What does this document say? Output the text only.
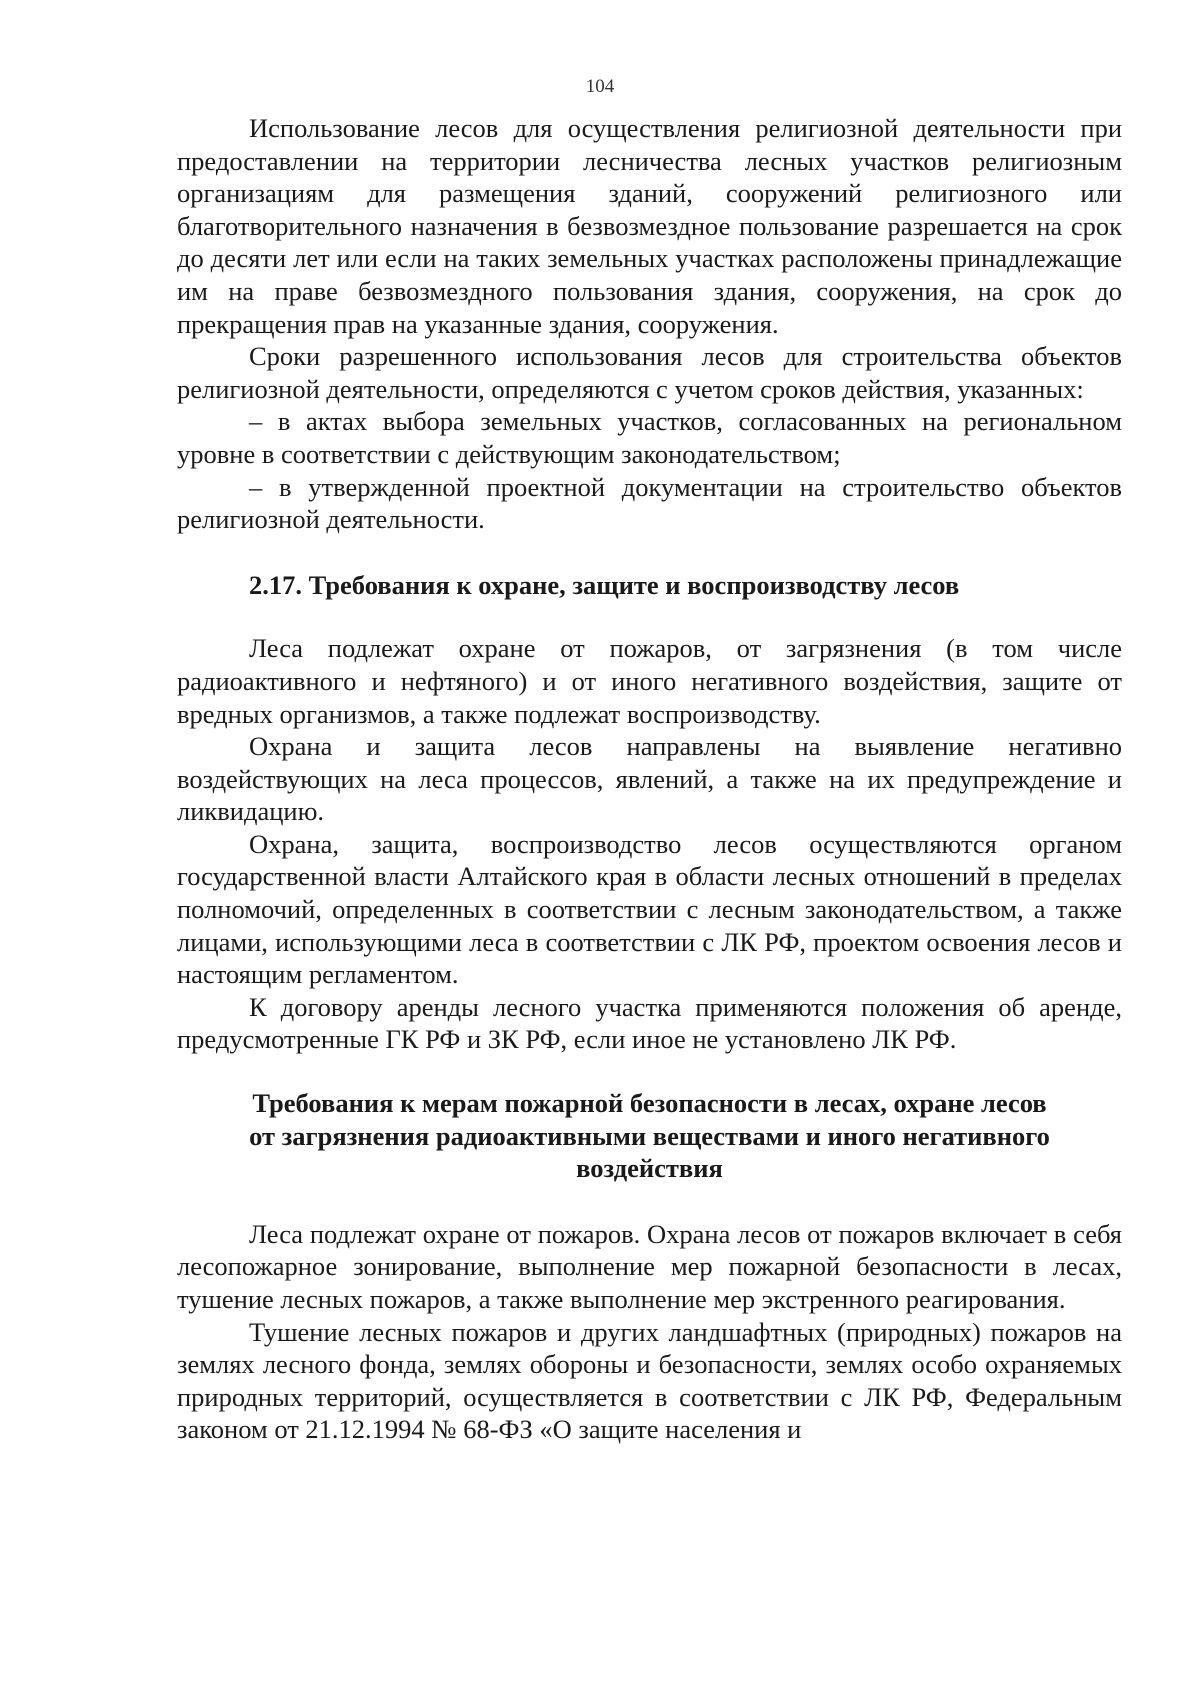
104

Использование лесов для осуществления религиозной деятельности при предоставлении на территории лесничества лесных участков религиозным организациям для размещения зданий, сооружений религиозного или благотворительного назначения в безвозмездное пользование разрешается на срок до десяти лет или если на таких земельных участках расположены принадлежащие им на праве безвозмездного пользования здания, сооружения, на срок до прекращения прав на указанные здания, сооружения.

Сроки разрешенного использования лесов для строительства объектов религиозной деятельности, определяются с учетом сроков действия, указанных:

– в актах выбора земельных участков, согласованных на региональном уровне в соответствии с действующим законодательством;

– в утвержденной проектной документации на строительство объектов религиозной деятельности.

2.17. Требования к охране, защите и воспроизводству лесов

Леса подлежат охране от пожаров, от загрязнения (в том числе радиоактивного и нефтяного) и от иного негативного воздействия, защите от вредных организмов, а также подлежат воспроизводству.

Охрана и защита лесов направлены на выявление негативно воздействующих на леса процессов, явлений, а также на их предупреждение и ликвидацию.

Охрана, защита, воспроизводство лесов осуществляются органом государственной власти Алтайского края в области лесных отношений в пределах полномочий, определенных в соответствии с лесным законодательством, а также лицами, использующими леса в соответствии с ЛК РФ, проектом освоения лесов и настоящим регламентом.

К договору аренды лесного участка применяются положения об аренде, предусмотренные ГК РФ и ЗК РФ, если иное не установлено ЛК РФ.

Требования к мерам пожарной безопасности в лесах, охране лесов
от загрязнения радиоактивными веществами и иного негативного
воздействия

Леса подлежат охране от пожаров. Охрана лесов от пожаров включает в себя лесопожарное зонирование, выполнение мер пожарной безопасности в лесах, тушение лесных пожаров, а также выполнение мер экстренного реагирования.

Тушение лесных пожаров и других ландшафтных (природных) пожаров на землях лесного фонда, землях обороны и безопасности, землях особо охраняемых природных территорий, осуществляется в соответствии с ЛК РФ, Федеральным законом от 21.12.1994 № 68-ФЗ «О защите населения и
